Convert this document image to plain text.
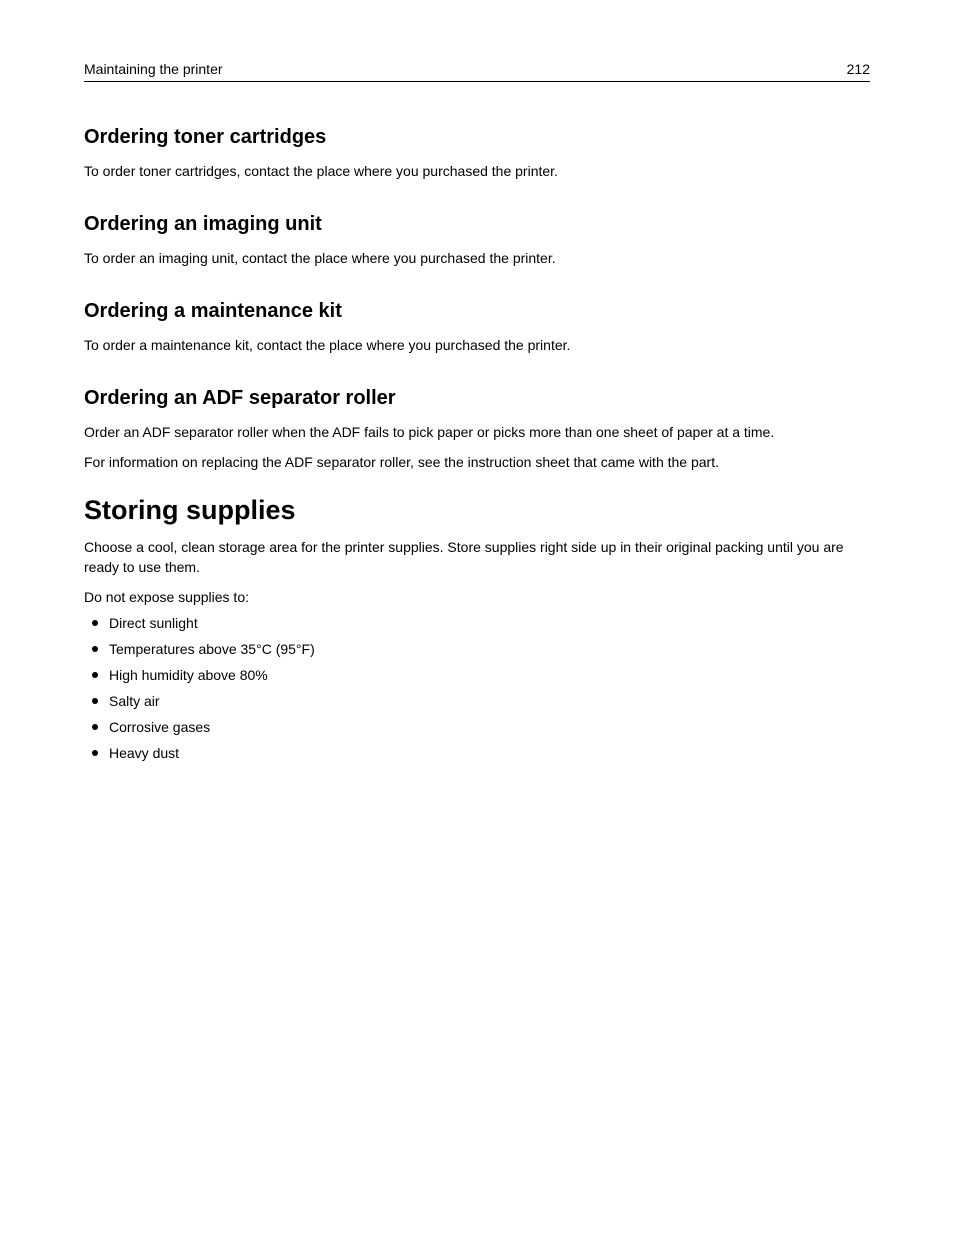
Maintaining the printer	212
Ordering toner cartridges

To order toner cartridges, contact the place where you purchased the printer.

Ordering an imaging unit

To order an imaging unit, contact the place where you purchased the printer.

Ordering a maintenance kit

To order a maintenance kit, contact the place where you purchased the printer.

Ordering an ADF separator roller

Order an ADF separator roller when the ADF fails to pick paper or picks more than one sheet of paper at a time.

For information on replacing the ADF separator roller, see the instruction sheet that came with the part.

Storing supplies

Choose a cool, clean storage area for the printer supplies. Store supplies right side up in their original packing until you are ready to use them.

Do not expose supplies to:

Direct sunlight
Temperatures above 35°C (95°F)
High humidity above 80%
Salty air
Corrosive gases
Heavy dust
